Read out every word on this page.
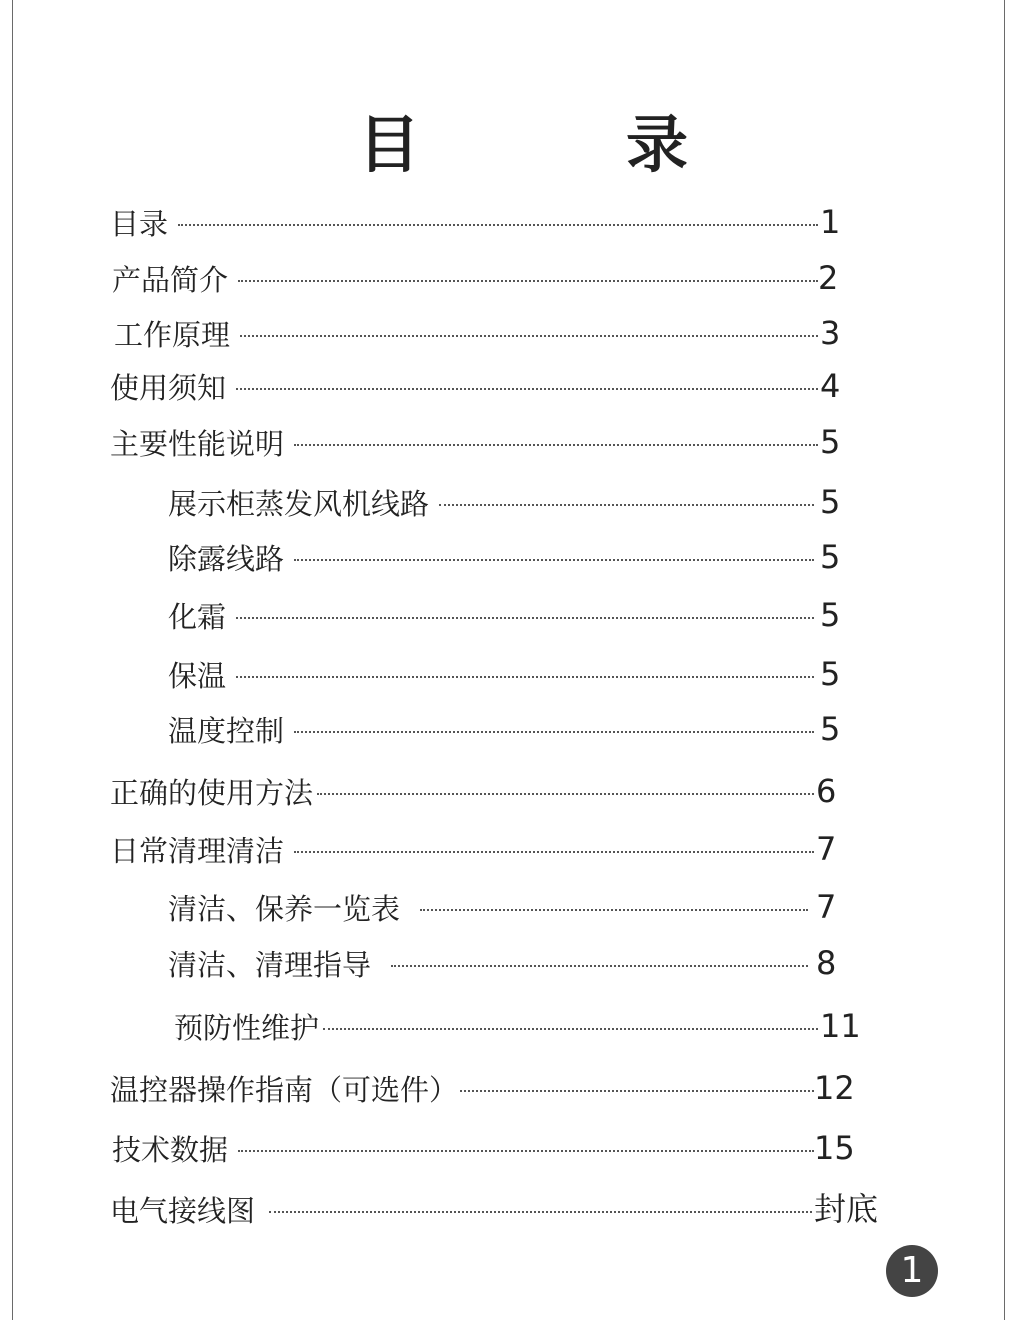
目	录
目录	1
产品简介	2
工作原理	3
使用须知	4
主要性能说明	5
展示柜蒸发风机线路	5
除露线路	5
化霜	5
保温	5
温度控制	5
正确的使用方法	6
日常清理清洁	7
清洁、保养一览表	7
清洁、清理指导	8
预防性维护	11
温控器操作指南（可选件）	12
技术数据	15
电气接线图	封底
1
